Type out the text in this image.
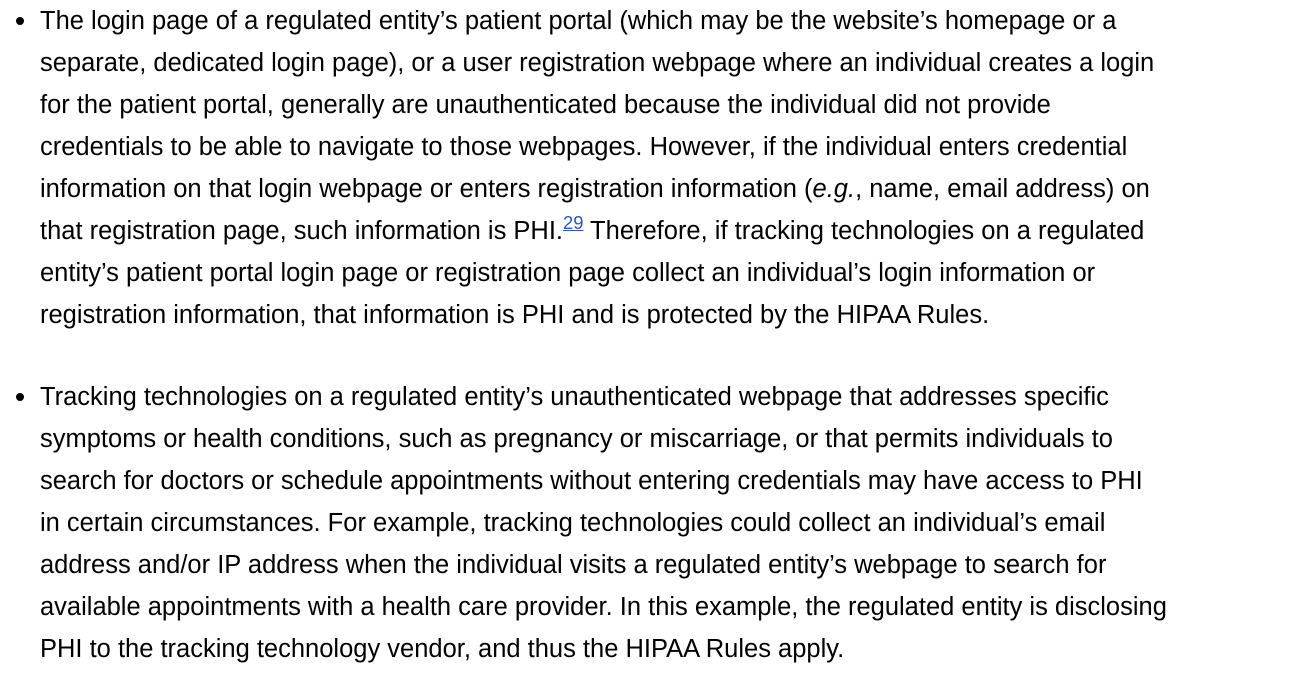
The login page of a regulated entity’s patient portal (which may be the website’s homepage or a
separate, dedicated login page), or a user registration webpage where an individual creates a login
for the patient portal, generally are unauthenticated because the individual did not provide
credentials to be able to navigate to those webpages. However, if the individual enters credential
information on that login webpage or enters registration information (e.g., name, email address) on
that registration page, such information is PHI.$^{29}$ Therefore, if tracking technologies on a regulated
entity’s patient portal login page or registration page collect an individual’s login information or
registration information, that information is PHI and is protected by the HIPAA Rules.
Tracking technologies on a regulated entity’s unauthenticated webpage that addresses specific
symptoms or health conditions, such as pregnancy or miscarriage, or that permits individuals to
search for doctors or schedule appointments without entering credentials may have access to PHI
in certain circumstances. For example, tracking technologies could collect an individual’s email
address and/or IP address when the individual visits a regulated entity’s webpage to search for
available appointments with a health care provider. In this example, the regulated entity is disclosing
PHI to the tracking technology vendor, and thus the HIPAA Rules apply.
